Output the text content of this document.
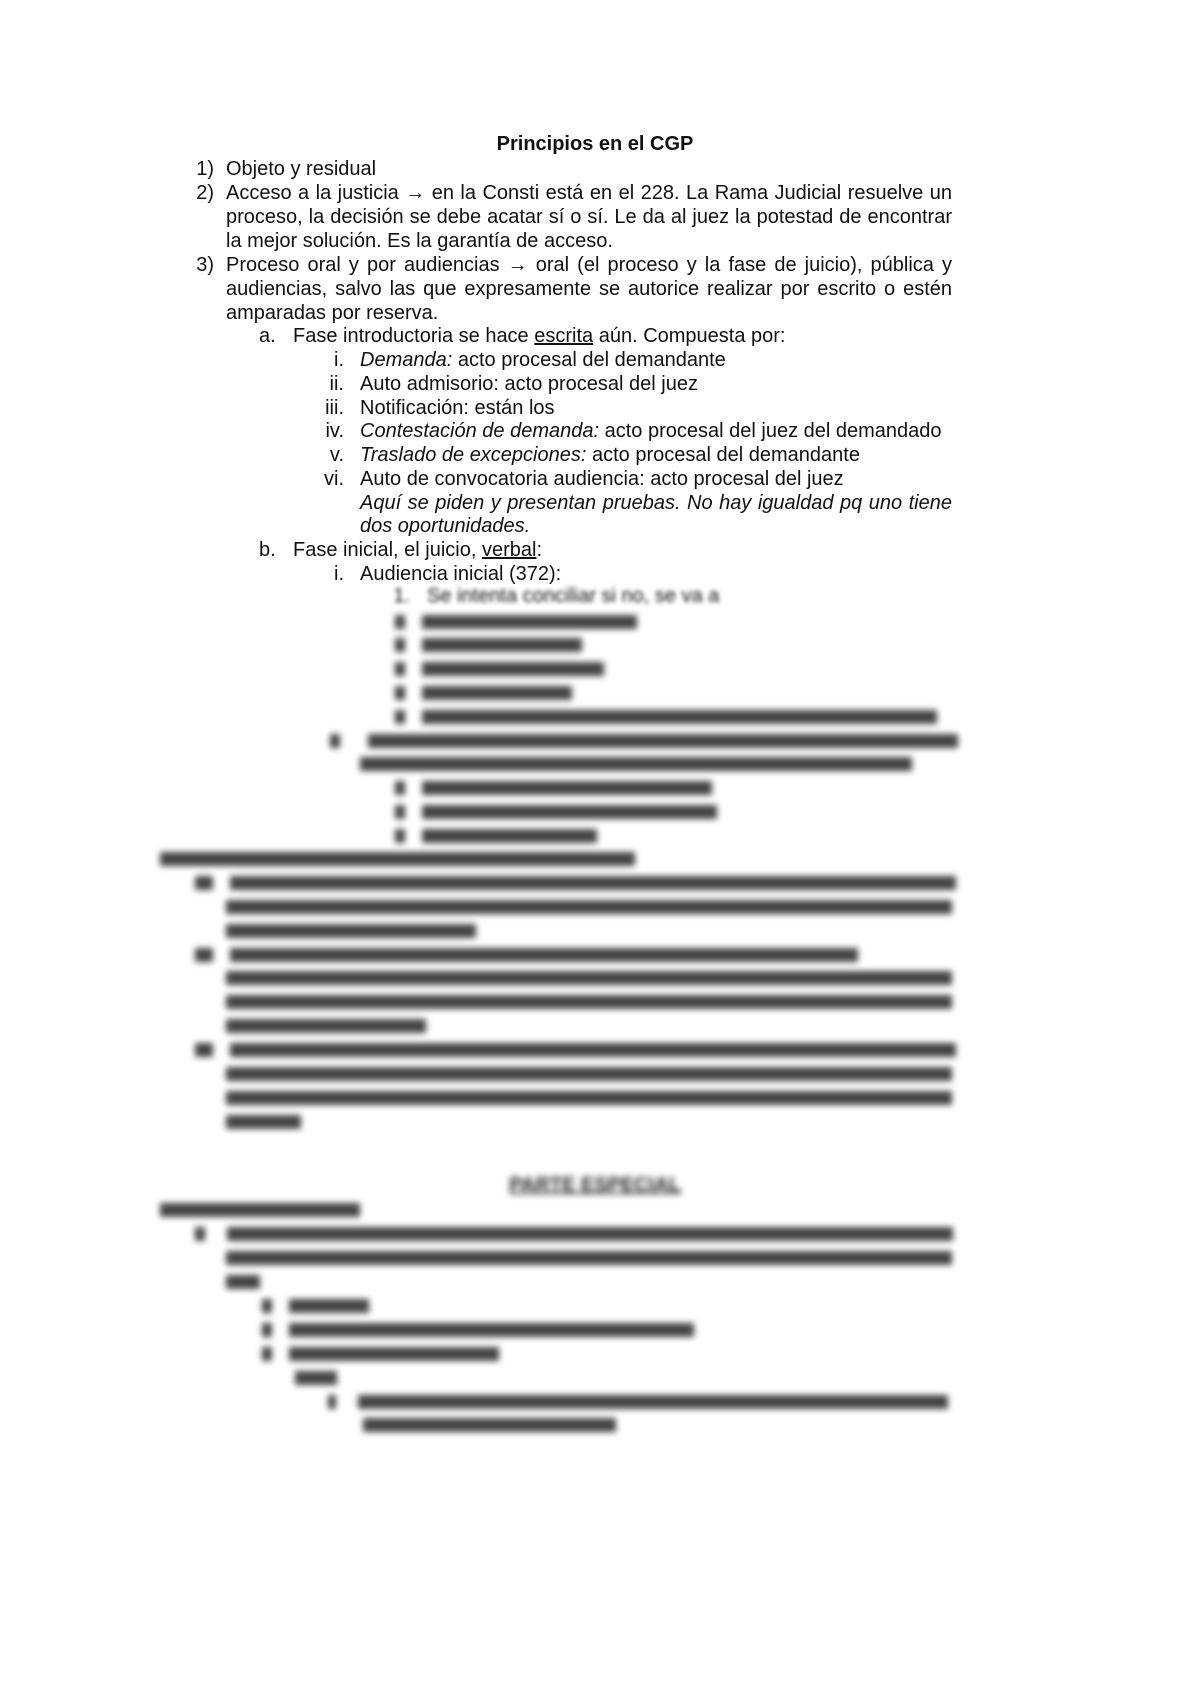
Principios en el CGP
1) Objeto y residual
2) Acceso a la justicia → en la Consti está en el 228. La Rama Judicial resuelve un
proceso, la decisión se debe acatar sí o sí. Le da al juez la potestad de encontrar
la mejor solución. Es la garantía de acceso.
3) Proceso oral y por audiencias → oral (el proceso y la fase de juicio), pública y
audiencias, salvo las que expresamente se autorice realizar por escrito o estén
amparadas por reserva.
a. Fase introductoria se hace escrita aún. Compuesta por:
i. Demanda: acto procesal del demandante
ii. Auto admisorio: acto procesal del juez
iii. Notificación: están los
iv. Contestación de demanda: acto procesal del juez del demandado
v. Traslado de excepciones: acto procesal del demandante
vi. Auto de convocatoria audiencia: acto procesal del juez
Aquí se piden y presentan pruebas. No hay igualdad pq uno tiene
dos oportunidades.
b. Fase inicial, el juicio, verbal:
i. Audiencia inicial (372):
1. Se intenta conciliar si no, se va a

PARTE ESPECIAL
